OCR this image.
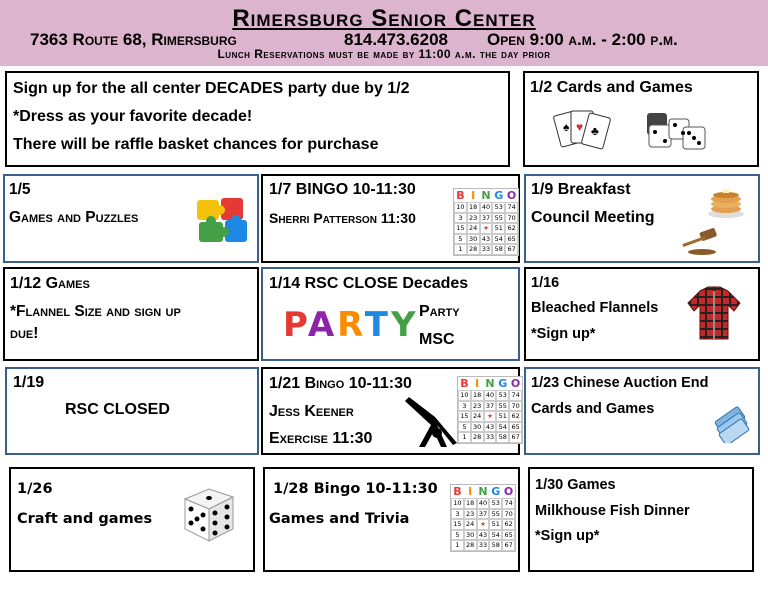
Rimersburg Senior Center
7363 Route 68, Rimersburg	814.473.6208 Open 9:00 a.m. - 2:00 p.m.
Lunch Reservations must be made by 11:00 a.m. the day prior
Sign up for the all center DECADES party due by 1/2
*Dress as your favorite decade!
There will be raffle basket chances for purchase
1/2 Cards and Games
♠ ♥ ♣
1/5
Games and Puzzles
1/7 BINGO 10-11:30
Sherri Patterson 11:30
B I N G O
10 18 40 53 74
3	23 37 55 70
15 24 ★ 51 62
5	30 43 54 65
1	28 33 58 67
1/9 Breakfast
Council Meeting
1/12 Games
*Flannel Size and sign up
due!
1/14 RSC CLOSE Decades
PARTY Party
MSC
1/16
Bleached Flannels
*Sign up*
1/19
RSC CLOSED
1/21 Bingo 10-11:30
Jess Keener
Exercise 11:30
B I N G O
10 18 40 53 74
3	23 37 55 70
15 24 ★ 51 62
5	30 43 54 65
1	28 33 58 67
1/23 Chinese Auction End
Cards and Games
1/26
Craft and games
1/28 Bingo 10-11:30
Games and Trivia
B I N G O
10 18 40 53 74
3	23 37 55 70
15 24 ★ 51 62
5	30 43 54 65
1	28 33 58 67
1/30 Games
Milkhouse Fish Dinner
*Sign up*
